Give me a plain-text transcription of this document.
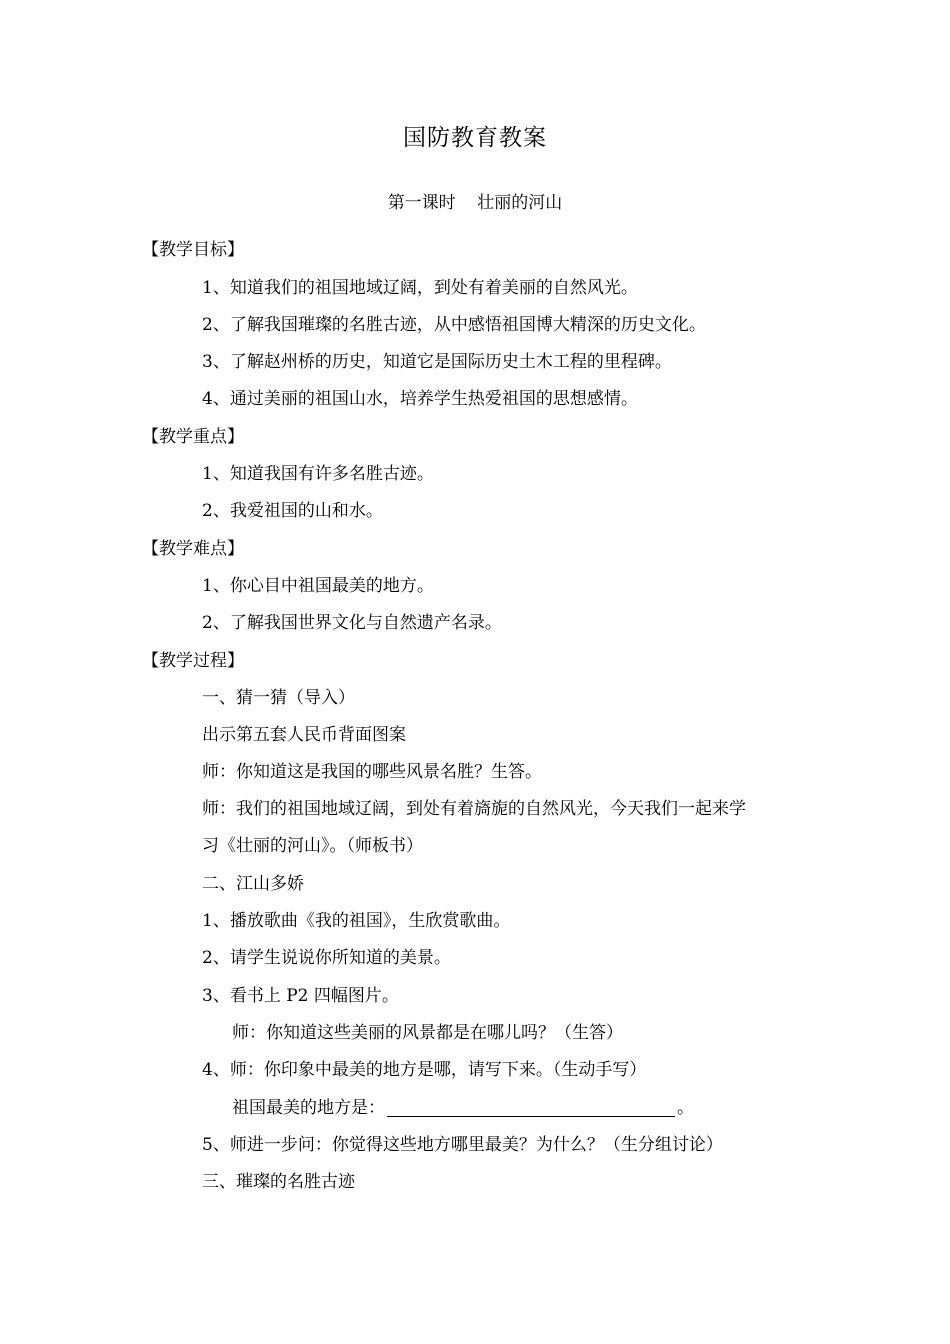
国防教育教案
第一课时    壮丽的河山
【教学目标】
1、知道我们的祖国地域辽阔，到处有着美丽的自然风光。
2、了解我国璀璨的名胜古迹，从中感悟祖国博大精深的历史文化。
3、了解赵州桥的历史，知道它是国际历史土木工程的里程碑。
4、通过美丽的祖国山水，培养学生热爱祖国的思想感情。
【教学重点】
1、知道我国有许多名胜古迹。
2、我爱祖国的山和水。
【教学难点】
1、你心目中祖国最美的地方。
2、了解我国世界文化与自然遗产名录。
【教学过程】
一、猜一猜（导入）
出示第五套人民币背面图案
师：你知道这是我国的哪些风景名胜？生答。
师：我们的祖国地域辽阔，到处有着旖旎的自然风光，今天我们一起来学
习《壮丽的河山》。（师板书）
二、江山多娇
1、播放歌曲《我的祖国》，生欣赏歌曲。
2、请学生说说你所知道的美景。
3、看书上 P2 四幅图片。
师：你知道这些美丽的风景都是在哪儿吗？（生答）
4、师：你印象中最美的地方是哪，请写下来。（生动手写）
祖国最美的地方是：	。
5、师进一步问：你觉得这些地方哪里最美？为什么？（生分组讨论）
三、璀璨的名胜古迹
